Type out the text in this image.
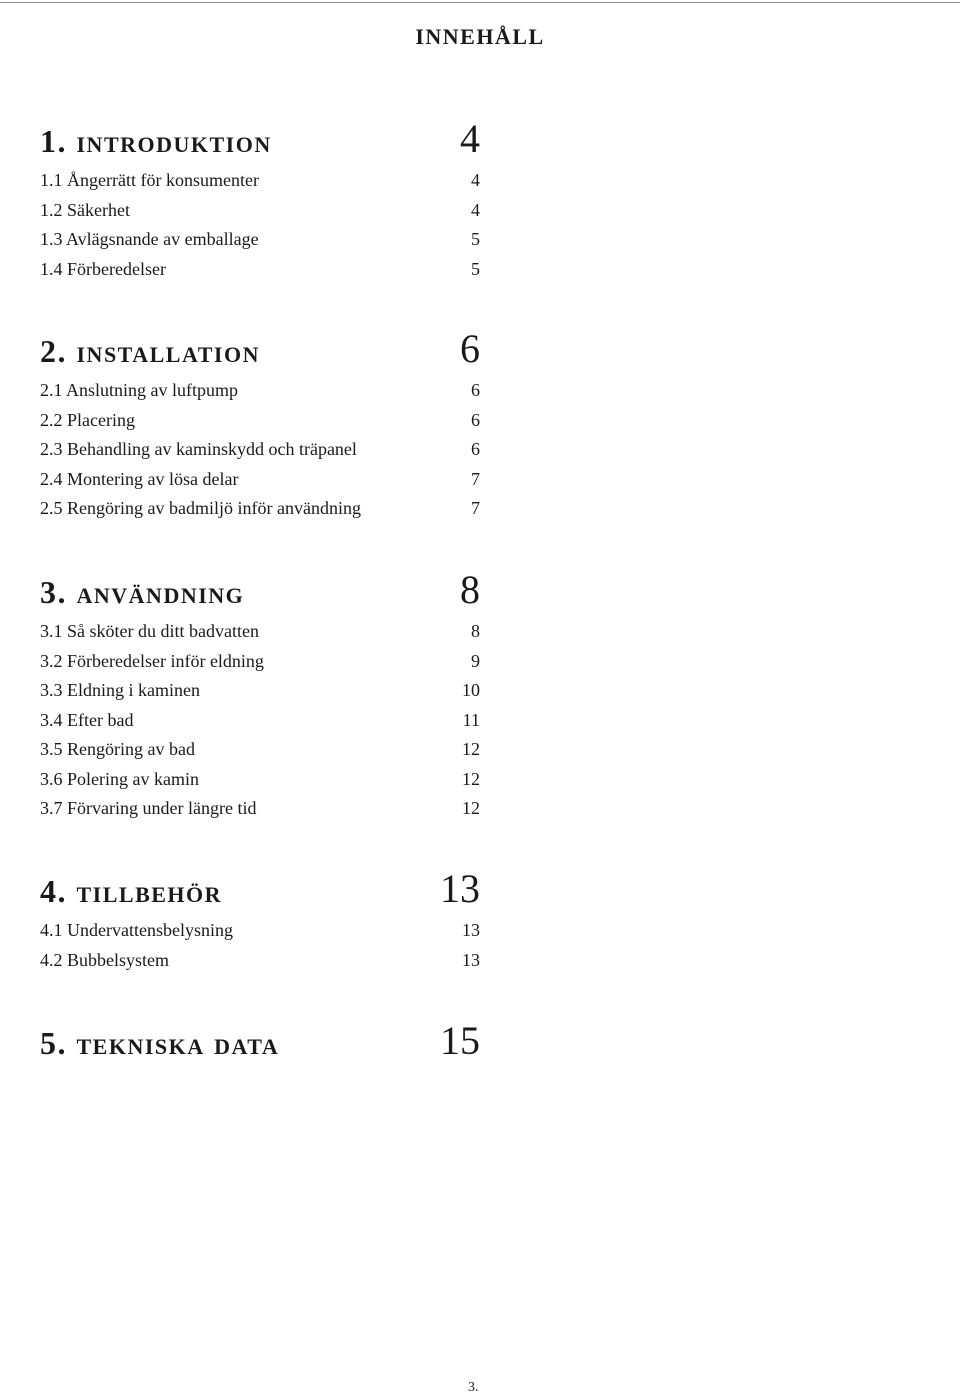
innehåll
1. introduktion	4
1.1 Ångerrätt för konsumenter	4
1.2 Säkerhet	4
1.3 Avlägsnande av emballage	5
1.4 Förberedelser	5
2. installation	6
2.1 Anslutning av luftpump	6
2.2 Placering	6
2.3 Behandling av kaminskydd och träpanel	6
2.4 Montering av lösa delar	7
2.5 Rengöring av badmiljö inför användning	7
3. användning	8
3.1 Så sköter du ditt badvatten	8
3.2 Förberedelser inför eldning	9
3.3 Eldning i kaminen	10
3.4 Efter bad	11
3.5 Rengöring av bad	12
3.6 Polering av kamin	12
3.7 Förvaring under längre tid	12
4. tillbehör	13
4.1 Undervattensbelysning	13
4.2 Bubbelsystem	13
5. tekniska data	15
3.
